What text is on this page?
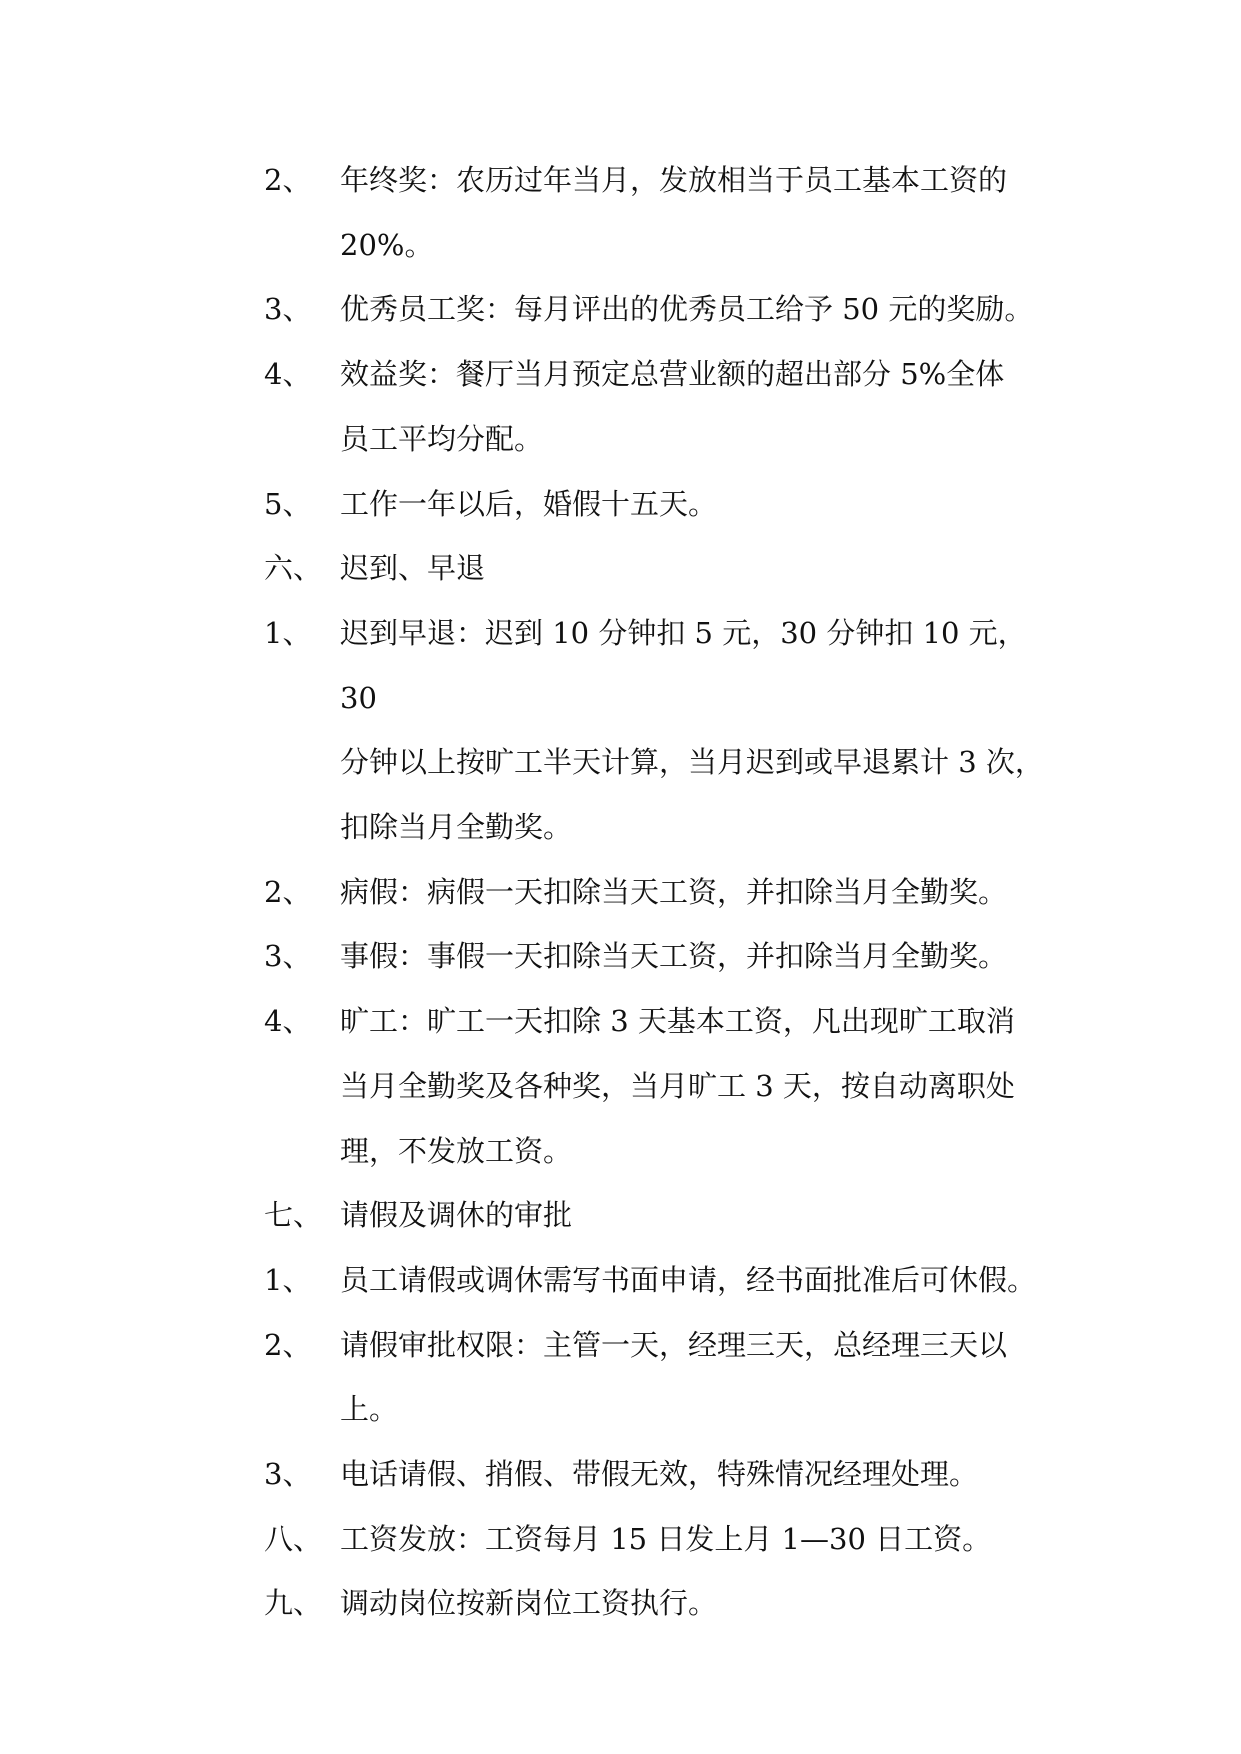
2、 年终奖：农历过年当月，发放相当于员工基本工资的
20%。
3、 优秀员工奖：每月评出的优秀员工给予 50 元的奖励。
4、 效益奖：餐厅当月预定总营业额的超出部分 5%全体
员工平均分配。
5、 工作一年以后，婚假十五天。
六、 迟到、早退
1、 迟到早退：迟到 10 分钟扣 5 元，30 分钟扣 10 元，30
分钟以上按旷工半天计算，当月迟到或早退累计 3 次，
扣除当月全勤奖。
2、 病假：病假一天扣除当天工资，并扣除当月全勤奖。
3、 事假：事假一天扣除当天工资，并扣除当月全勤奖。
4、 旷工：旷工一天扣除 3 天基本工资，凡出现旷工取消
当月全勤奖及各种奖，当月旷工 3 天，按自动离职处
理，不发放工资。
七、 请假及调休的审批
1、 员工请假或调休需写书面申请，经书面批准后可休假。
2、 请假审批权限：主管一天，经理三天，总经理三天以
上。
3、 电话请假、捎假、带假无效，特殊情况经理处理。
八、 工资发放：工资每月 15 日发上月 1—30 日工资。
九、 调动岗位按新岗位工资执行。
